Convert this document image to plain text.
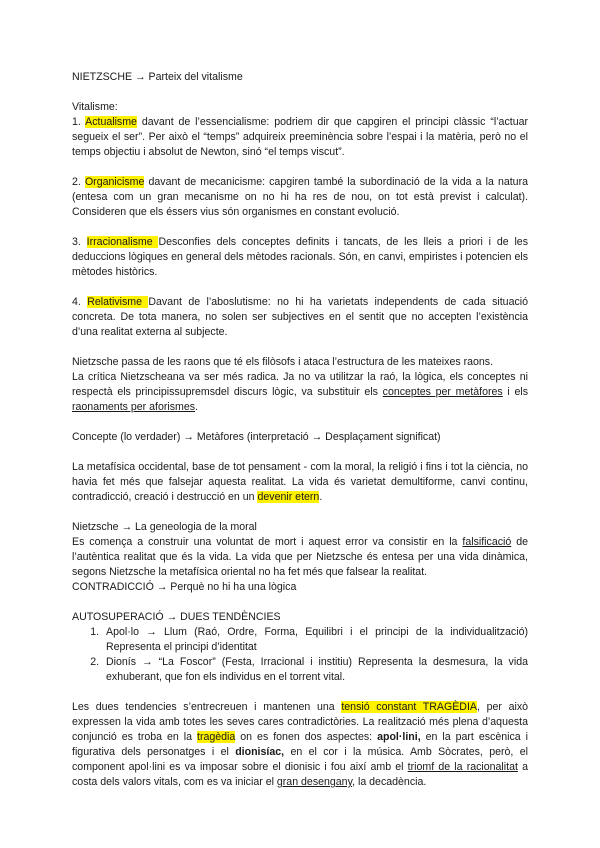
NIETZSCHE → Parteix del vitalisme

Vitalisme:

1. Actualisme davant de l’essencialisme: podriem dir que capgiren el principi clàssic “l’actuar segueix el ser”. Per això el “temps” adquireix preeminència sobre l’espai i la matèria, però no el temps objectiu i absolut de Newton, sinó “el temps viscut”.

2. Organicisme davant de mecanicisme: capgiren també la subordinació de la vida a la natura (entesa com un gran mecanisme on no hi ha res de nou, on tot està previst i calculat). Consideren que els éssers vius són organismes en constant evolució.

3. Irracionalisme Desconfies dels conceptes definits i tancats, de les lleis a priori i de les deduccions lògiques en general dels mètodes racionals. Són, en canvi, empiristes i potencien els mètodes històrics.

4. Relativisme Davant de l’aboslutisme: no hi ha varietats independents de cada situació concreta. De tota manera, no solen ser subjectives en el sentit que no accepten l’existència d’una realitat externa al subjecte.

Nietzsche passa de les raons que té els filòsofs i ataca l’estructura de les mateixes raons.

La crítica Nietzscheana va ser més radica. Ja no va utilitzar la raó, la lògica, els conceptes ni respectà els principissupremsdel discurs lògic, va substituir els conceptes per metàfores i els raonaments per aforismes.

Concepte (lo verdader) → Metàfores (interpretació → Desplaçament significat)

La metafísica occidental, base de tot pensament - com la moral, la religió i fins i tot la ciència, no havia fet més que falsejar aquesta realitat. La vida és varietat demultiforme, canvi continu, contradicció, creació i destrucció en un devenir etern.

Nietzsche → La geneologia de la moral

Es comença a construir una voluntat de mort i aquest error va consistir en la falsificació de l’autèntica realitat que és la vida. La vida que per Nietzsche és entesa per una vida dinàmica, segons Nietzsche la metafísica oriental no ha fet més que falsear la realitat.

CONTRADICCIÓ → Perquè no hi ha una lògica

AUTOSUPERACIÓ → DUES TENDÈNCIES

1. Apol·lo → Llum (Raó, Ordre, Forma, Equilibri i el principi de la individualització) Representa el principi d’identitat
2. Dionís → “La Foscor” (Festa, Irracional i institiu) Representa la desmesura, la vida exhuberant, que fon els individus en el torrent vital.

Les dues tendencies s’entrecreuen i mantenen una tensió constant TRAGÈDIA, per això expressen la vida amb totes les seves cares contradictòries. La realització més plena d’aquesta conjunció es troba en la tragèdia on es fonen dos aspectes: apol·lini, en la part escènica i figurativa dels personatges i el dionisíac, en el cor i la música. Amb Sòcrates, però, el component apol·lini es va imposar sobre el dionisic i fou així amb el triomf de la racionalitat a costa dels valors vitals, com es va iniciar el gran desengany, la decadència.
